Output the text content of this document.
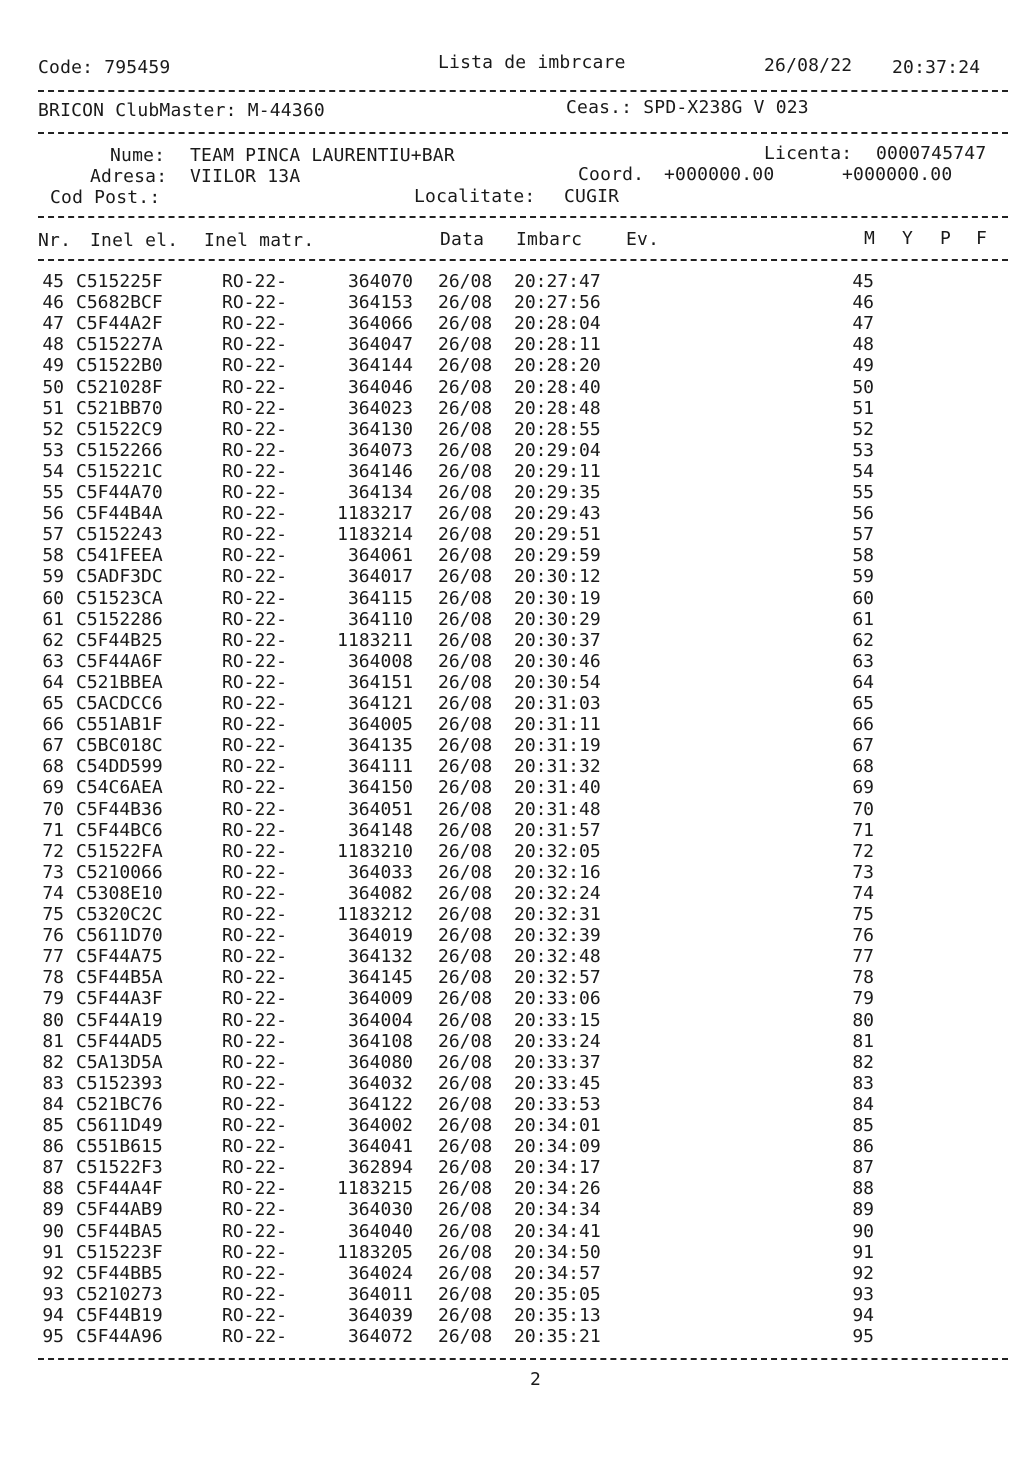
Code: 795459	Lista de imbrcare	26/08/22 20:37:24
BRICON ClubMaster: M-44360	Ceas.: SPD-X238G V 023
Nume: TEAM PINCA LAURENTIU+BAR	Licenta: 0000745747
Adresa: VIILOR 13A	Coord. +000000.00	+000000.00
Cod Post.:	Localitate: CUGIR
Nr. Inel el. Inel matr.	Data Imbarc Ev.	M Y P F
45 C515225F	RO-22-	364070 26/08 20:27:47	45
46 C5682BCF	RO-22-	364153 26/08 20:27:56	46
47 C5F44A2F	RO-22-	364066 26/08 20:28:04	47
48 C515227A	RO-22-	364047 26/08 20:28:11	48
49 C51522B0	RO-22-	364144 26/08 20:28:20	49
50 C521028F	RO-22-	364046 26/08 20:28:40	50
51 C521BB70	RO-22-	364023 26/08 20:28:48	51
52 C51522C9	RO-22-	364130 26/08 20:28:55	52
53 C5152266	RO-22-	364073 26/08 20:29:04	53
54 C515221C	RO-22-	364146 26/08 20:29:11	54
55 C5F44A70	RO-22-	364134 26/08 20:29:35	55
56 C5F44B4A	RO-22-	1183217 26/08 20:29:43	56
57 C5152243	RO-22-	1183214 26/08 20:29:51	57
58 C541FEEA	RO-22-	364061 26/08 20:29:59	58
59 C5ADF3DC	RO-22-	364017 26/08 20:30:12	59
60 C51523CA	RO-22-	364115 26/08 20:30:19	60
61 C5152286	RO-22-	364110 26/08 20:30:29	61
62 C5F44B25	RO-22-	1183211 26/08 20:30:37	62
63 C5F44A6F	RO-22-	364008 26/08 20:30:46	63
64 C521BBEA	RO-22-	364151 26/08 20:30:54	64
65 C5ACDCC6	RO-22-	364121 26/08 20:31:03	65
66 C551AB1F	RO-22-	364005 26/08 20:31:11	66
67 C5BC018C	RO-22-	364135 26/08 20:31:19	67
68 C54DD599	RO-22-	364111 26/08 20:31:32	68
69 C54C6AEA	RO-22-	364150 26/08 20:31:40	69
70 C5F44B36	RO-22-	364051 26/08 20:31:48	70
71 C5F44BC6	RO-22-	364148 26/08 20:31:57	71
72 C51522FA	RO-22-	1183210 26/08 20:32:05	72
73 C5210066	RO-22-	364033 26/08 20:32:16	73
74 C5308E10	RO-22-	364082 26/08 20:32:24	74
75 C5320C2C	RO-22-	1183212 26/08 20:32:31	75
76 C5611D70	RO-22-	364019 26/08 20:32:39	76
77 C5F44A75	RO-22-	364132 26/08 20:32:48	77
78 C5F44B5A	RO-22-	364145 26/08 20:32:57	78
79 C5F44A3F	RO-22-	364009 26/08 20:33:06	79
80 C5F44A19	RO-22-	364004 26/08 20:33:15	80
81 C5F44AD5	RO-22-	364108 26/08 20:33:24	81
82 C5A13D5A	RO-22-	364080 26/08 20:33:37	82
83 C5152393	RO-22-	364032 26/08 20:33:45	83
84 C521BC76	RO-22-	364122 26/08 20:33:53	84
85 C5611D49	RO-22-	364002 26/08 20:34:01	85
86 C551B615	RO-22-	364041 26/08 20:34:09	86
87 C51522F3	RO-22-	362894 26/08 20:34:17	87
88 C5F44A4F	RO-22-	1183215 26/08 20:34:26	88
89 C5F44AB9	RO-22-	364030 26/08 20:34:34	89
90 C5F44BA5	RO-22-	364040 26/08 20:34:41	90
91 C515223F	RO-22-	1183205 26/08 20:34:50	91
92 C5F44BB5	RO-22-	364024 26/08 20:34:57	92
93 C5210273	RO-22-	364011 26/08 20:35:05	93
94 C5F44B19	RO-22-	364039 26/08 20:35:13	94
95 C5F44A96	RO-22-	364072 26/08 20:35:21	95
2
